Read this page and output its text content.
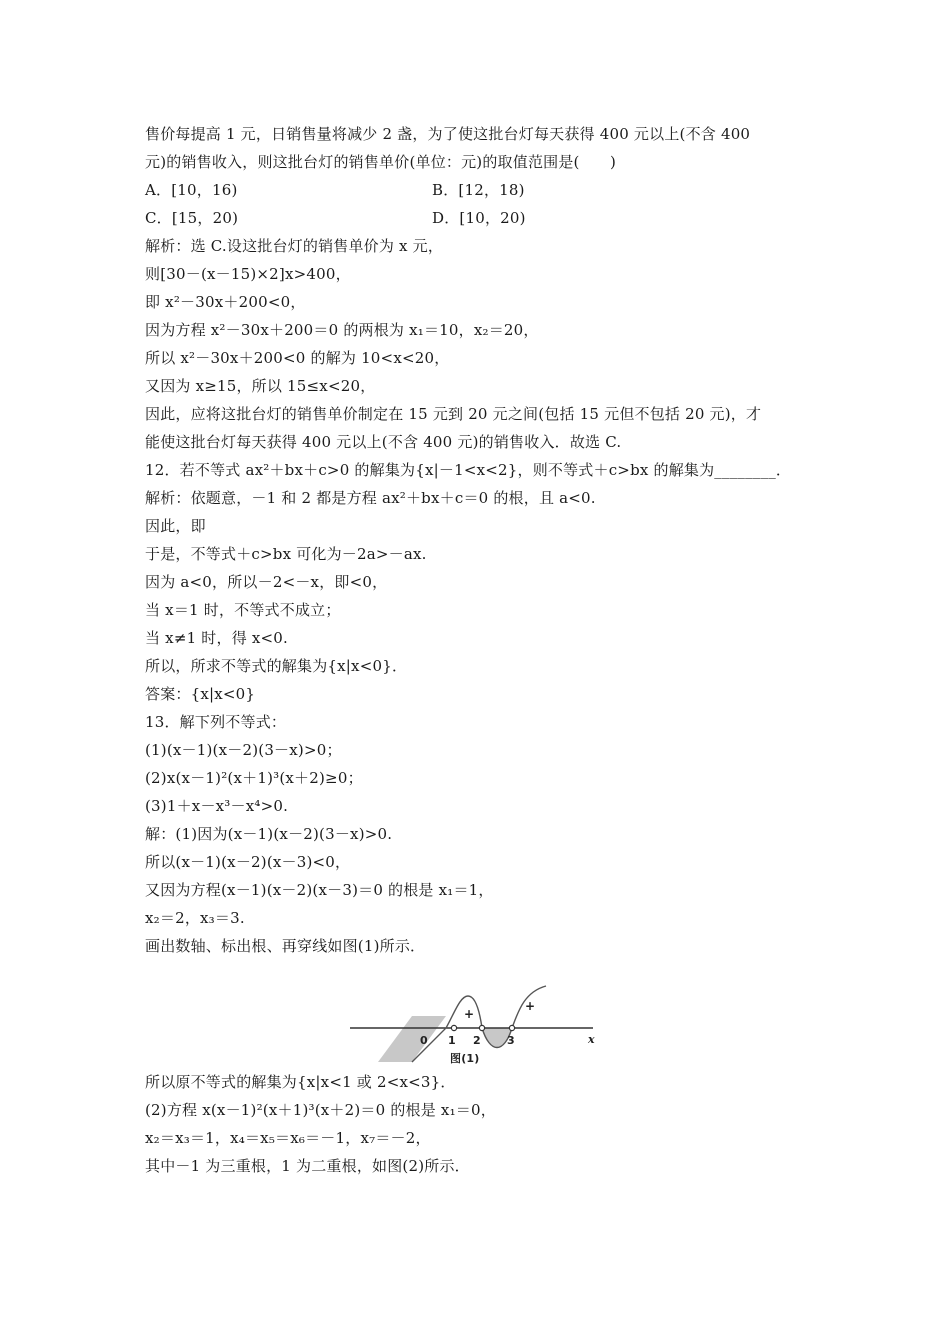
售价每提高 1 元，日销售量将减少 2 盏，为了使这批台灯每天获得 400 元以上(不含 400
元)的销售收入，则这批台灯的销售单价(单位：元)的取值范围是(　　)
A．[10，16)	B．[12，18)
C．[15，20)	D．[10，20)
解析：选 C.设这批台灯的销售单价为 x 元，
则[30－(x－15)×2]x>400，
即 x²－30x＋200<0，
因为方程 x²－30x＋200＝0 的两根为 x₁＝10，x₂＝20，
所以 x²－30x＋200<0 的解为 10<x<20，
又因为 x≥15，所以 15≤x<20，
因此，应将这批台灯的销售单价制定在 15 元到 20 元之间(包括 15 元但不包括 20 元)，才
能使这批台灯每天获得 400 元以上(不含 400 元)的销售收入．故选 C.
12．若不等式 ax²＋bx＋c>0 的解集为{x|－1<x<2}，则不等式＋c>bx 的解集为________．
解析：依题意，－1 和 2 都是方程 ax²＋bx＋c＝0 的根，且 a<0.
因此，即
于是，不等式＋c>bx 可化为－2a>－ax.
因为 a<0，所以－2<－x，即<0，
当 x＝1 时，不等式不成立；
当 x≠1 时，得 x<0.
所以，所求不等式的解集为{x|x<0}．
答案：{x|x<0}
13．解下列不等式：
(1)(x－1)(x－2)(3－x)>0；
(2)x(x－1)²(x＋1)³(x＋2)≥0；
(3)1＋x－x³－x⁴>0.
解：(1)因为(x－1)(x－2)(3－x)>0.
所以(x－1)(x－2)(x－3)<0，
又因为方程(x－1)(x－2)(x－3)＝0 的根是 x₁＝1，
x₂＝2，x₃＝3.
画出数轴、标出根、再穿线如图(1)所示．
0 1 2 3	x
+
+
图(1)
所以原不等式的解集为{x|x<1 或 2<x<3}．
(2)方程 x(x－1)²(x＋1)³(x＋2)＝0 的根是 x₁＝0，
x₂＝x₃＝1，x₄＝x₅＝x₆＝－1，x₇＝－2，
其中－1 为三重根，1 为二重根，如图(2)所示．
